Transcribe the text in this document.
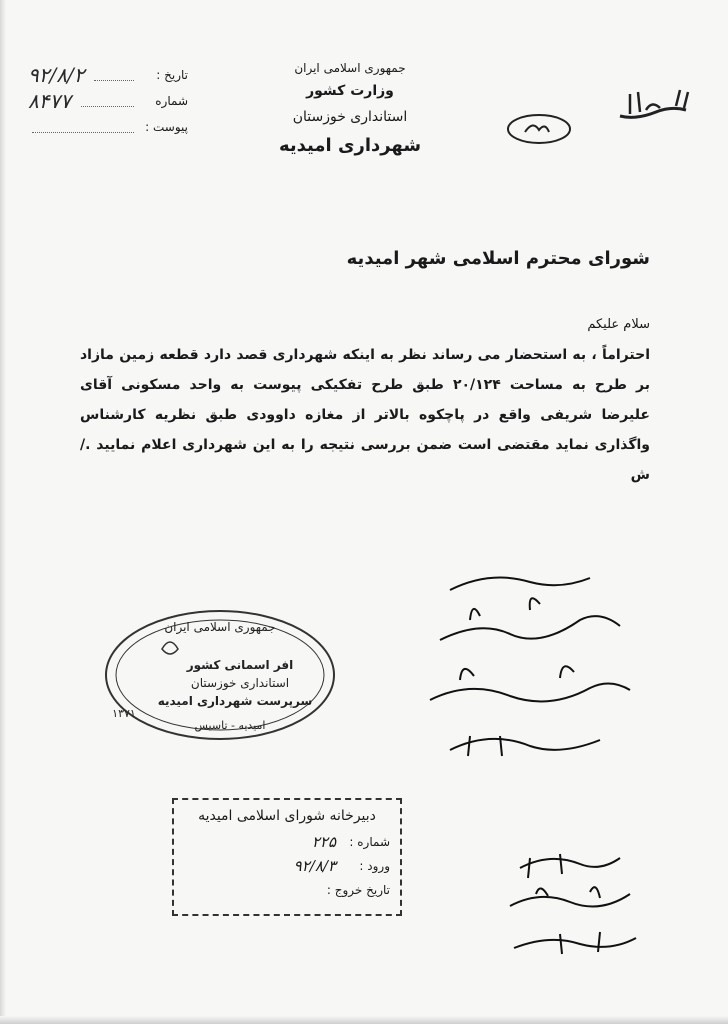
جمهوری اسلامی ایران
وزارت کشور
استانداری خوزستان
شهرداری امیدیه
تاریخ :
۹۲/۸/۲
شماره
۸۴۷۷
پیوست :
شورای محترم اسلامی شهر امیدیه

سلام علیکم

احتراماً ، به استحضار می رساند نظر به اینکه شهرداری قصد دارد قطعه زمین مازاد بر طرح به مساحت ۲۰/۱۲۴ طبق طرح تفکیکی پیوست به واحد مسکونی آقای علیرضا شریفی واقع در پاچکوه بالاتر از مغازه داوودی طبق نظریه کارشناس واگذاری نماید مقتضی است ضمن بررسی نتیجه را به این شهرداری اعلام نمایید ./ش

جمهوری اسلامی ایران
افر اسمانی کشور
استانداری خوزستان
سرپرست شهرداری امیدیه
امیدیه - تاسیس
۱۳۷۱
دبیرخانه شورای اسلامی امیدیه
شماره :
۲۲۵
ورود :
۹۲/۸/۳
تاریخ خروج :
